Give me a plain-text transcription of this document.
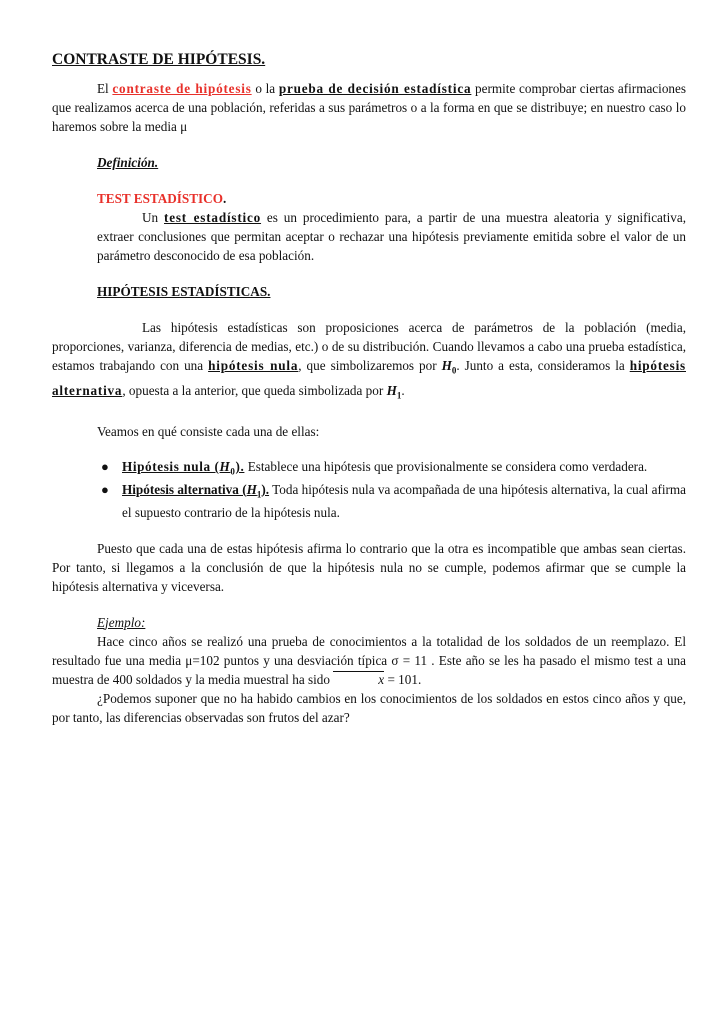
CONTRASTE DE HIPÓTESIS.

El contraste de hipótesis o la prueba de decisión estadística permite comprobar ciertas afirmaciones que realizamos acerca de una población, referidas a sus parámetros o a la forma en que se distribuye; en nuestro caso lo haremos sobre la media μ

Definición.

TEST ESTADÍSTICO.

Un test estadístico es un procedimiento para, a partir de una muestra aleatoria y significativa, extraer conclusiones que permitan aceptar o rechazar una hipótesis previamente emitida sobre el valor de un parámetro desconocido de esa población.

HIPÓTESIS ESTADÍSTICAS.

Las hipótesis estadísticas son proposiciones acerca de parámetros de la población (media, proporciones, varianza, diferencia de medias, etc.) o de su distribución. Cuando llevamos a cabo una prueba estadística, estamos trabajando con una hipótesis nula, que simbolizaremos por $H_0$. Junto a esta, consideramos la hipótesis alternativa, opuesta a la anterior, que queda simbolizada por $H_1$.

Veamos en qué consiste cada una de ellas:

● Hipótesis nula $(H_0)$. Establece una hipótesis que provisionalmente se considera como verdadera.
● Hipótesis alternativa $(H_1)$. Toda hipótesis nula va acompañada de una hipótesis alternativa, la cual afirma el supuesto contrario de la hipótesis nula.

Puesto que cada una de estas hipótesis afirma lo contrario que la otra es incompatible que ambas sean ciertas. Por tanto, si llegamos a la conclusión de que la hipótesis nula no se cumple, podemos afirmar que se cumple la hipótesis alternativa y viceversa.

Ejemplo:

Hace cinco años se realizó una prueba de conocimientos a la totalidad de los soldados de un reemplazo. El resultado fue una media μ=102 puntos y una desviación típica σ = 11 . Este año se les ha pasado el mismo test a una muestra de 400 soldados y la media muestral ha sido	x = 101.

¿Podemos suponer que no ha habido cambios en los conocimientos de los soldados en estos cinco años y que, por tanto, las diferencias observadas son frutos del azar?
